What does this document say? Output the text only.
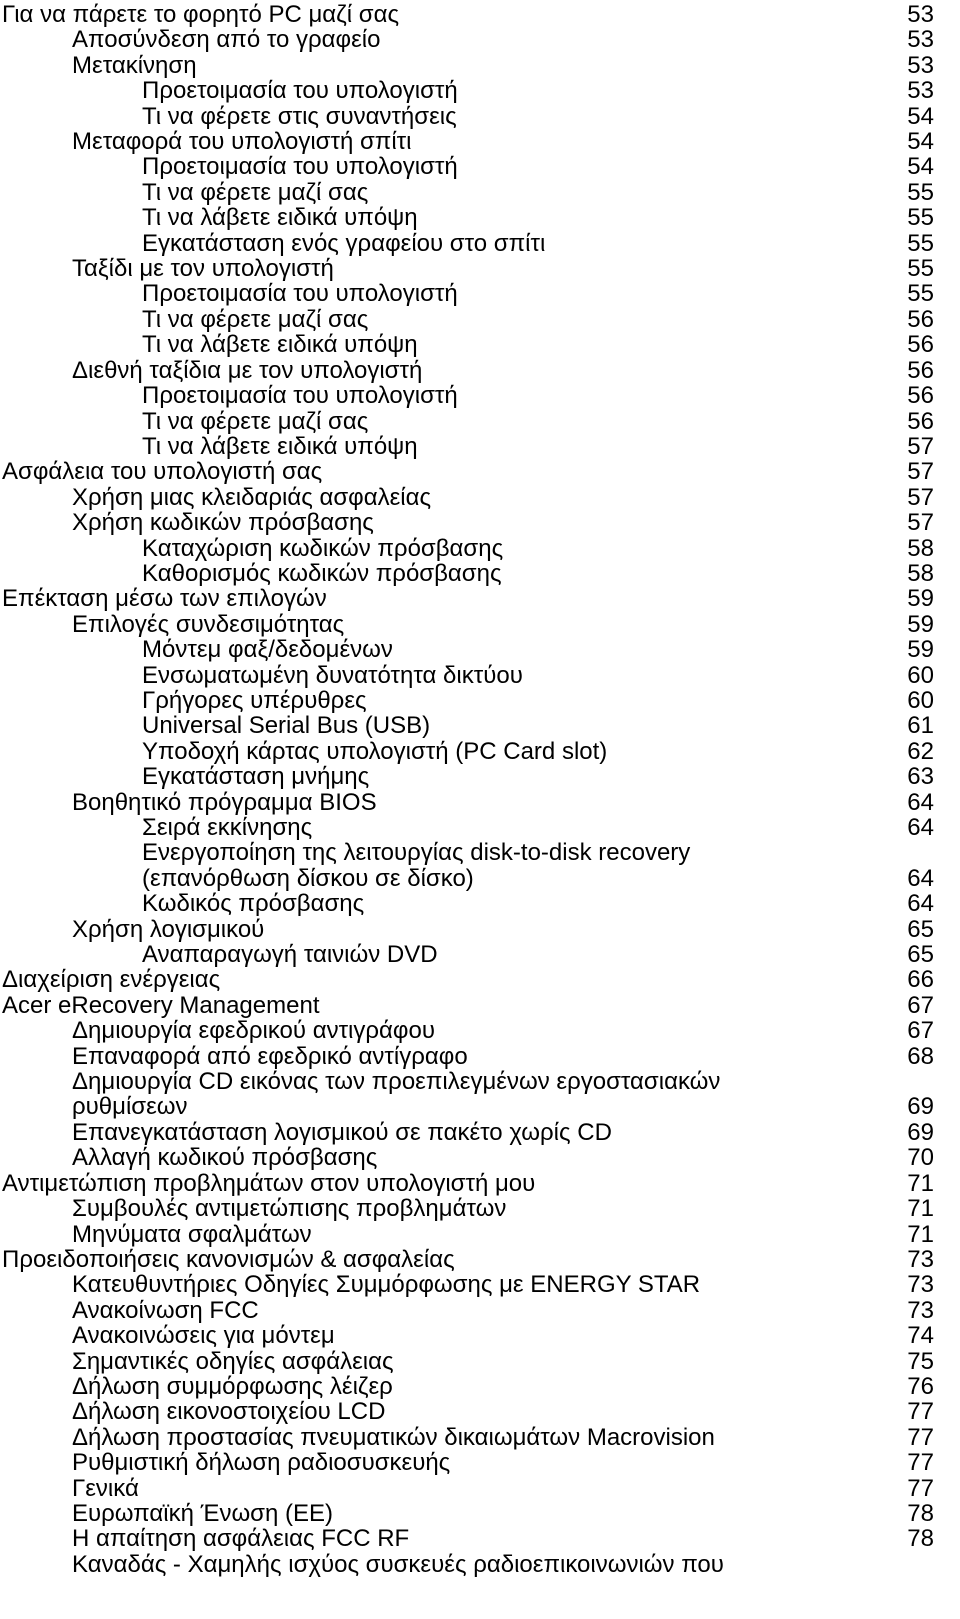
Για να πάρετε το φορητό PC μαζί σας	53
Αποσύνδεση από το γραφείο	53
Μετακίνηση	53
Προετοιμασία του υπολογιστή	53
Τι να φέρετε στις συναντήσεις	54
Μεταφορά του υπολογιστή σπίτι	54
Προετοιμασία του υπολογιστή	54
Τι να φέρετε μαζί σας	55
Τι να λάβετε ειδικά υπόψη	55
Εγκατάσταση ενός γραφείου στο σπίτι	55
Ταξίδι με τον υπολογιστή	55
Προετοιμασία του υπολογιστή	55
Τι να φέρετε μαζί σας	56
Τι να λάβετε ειδικά υπόψη	56
Διεθνή ταξίδια με τον υπολογιστή	56
Προετοιμασία του υπολογιστή	56
Τι να φέρετε μαζί σας	56
Τι να λάβετε ειδικά υπόψη	57
Ασφάλεια του υπολογιστή σας	57
Χρήση μιας κλειδαριάς ασφαλείας	57
Χρήση κωδικών πρόσβασης	57
Καταχώριση κωδικών πρόσβασης	58
Καθορισμός κωδικών πρόσβασης	58
Επέκταση μέσω των επιλογών	59
Επιλογές συνδεσιμότητας	59
Μόντεμ φαξ/δεδομένων	59
Ενσωματωμένη δυνατότητα δικτύου	60
Γρήγορες υπέρυθρες	60
Universal Serial Bus (USB)	61
Υποδοχή κάρτας υπολογιστή (PC Card slot)	62
Εγκατάσταση μνήμης	63
Βοηθητικό πρόγραμμα BIOS	64
Σειρά εκκίνησης	64
Ενεργοποίηση της λειτουργίας disk-to-disk recovery
(επανόρθωση δίσκου σε δίσκο)	64
Κωδικός πρόσβασης	64
Χρήση λογισμικού	65
Αναπαραγωγή ταινιών DVD	65
Διαχείριση ενέργειας	66
Acer eRecovery Management	67
Δημιουργία εφεδρικού αντιγράφου	67
Επαναφορά από εφεδρικό αντίγραφο	68
Δημιουργία CD εικόνας των προεπιλεγμένων εργοστασιακών
ρυθμίσεων	69
Επανεγκατάσταση λογισμικού σε πακέτο χωρίς CD	69
Αλλαγή κωδικού πρόσβασης	70
Αντιμετώπιση προβλημάτων στον υπολογιστή μου	71
Συμβουλές αντιμετώπισης προβλημάτων	71
Μηνύματα σφαλμάτων	71
Προειδοποιήσεις κανονισμών & ασφαλείας	73
Κατευθυντήριες Οδηγίες Συμμόρφωσης με ENERGY STAR	73
Ανακοίνωση FCC	73
Ανακοινώσεις για μόντεμ	74
Σημαντικές οδηγίες ασφάλειας	75
Δήλωση συμμόρφωσης λέιζερ	76
Δήλωση εικονοστοιχείου LCD	77
Δήλωση προστασίας πνευματικών δικαιωμάτων Macrovision	77
Ρυθμιστική δήλωση ραδιοσυσκευής	77
Γενικά	77
Ευρωπαϊκή Ένωση (ΕΕ)	78
Η απαίτηση ασφάλειας FCC RF	78
Καναδάς - Χαμηλής ισχύος συσκευές ραδιοεπικοινωνιών που
